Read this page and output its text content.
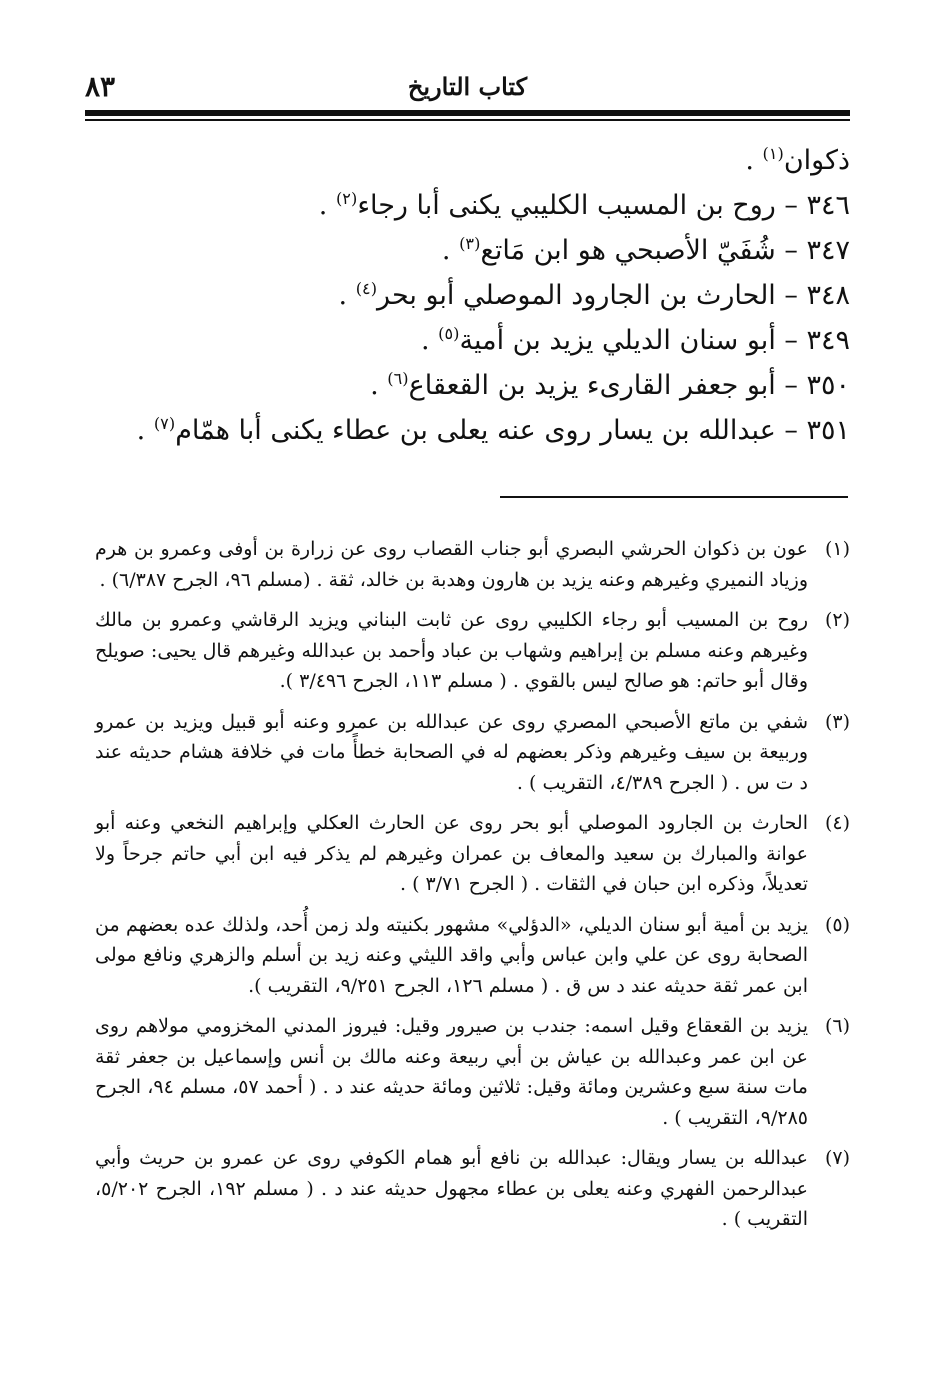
٨٣	كتاب التاريخ
ذكوان$^{(١)}$ .
٣٤٦ – روح بن المسيب الكليبي يكنى أبا رجاء$^{(٢)}$ .
٣٤٧ – شُفَيّ الأصبحي هو ابن مَاتع$^{(٣)}$ .
٣٤٨ – الحارث بن الجارود الموصلي أبو بحر$^{(٤)}$ .
٣٤٩ – أبو سنان الديلي يزيد بن أمية$^{(٥)}$ .
٣٥٠ – أبو جعفر القارىء يزيد بن القعقاع$^{(٦)}$ .
٣٥١ – عبدالله بن يسار روى عنه يعلى بن عطاء يكنى أبا همّام$^{(٧)}$ .
(١)
عون بن ذكوان الحرشي البصري أبو جناب القصاب روى عن زرارة بن أوفى وعمرو بن هرم وزياد النميري وغيرهم وعنه يزيد بن هارون وهدبة بن خالد، ثقة . (مسلم ٩٦، الجرح ٦/٣٨٧) .
(٢)
روح بن المسيب أبو رجاء الكليبي روى عن ثابت البناني ويزيد الرقاشي وعمرو بن مالك وغيرهم وعنه مسلم بن إبراهيم وشهاب بن عباد وأحمد بن عبدالله وغيرهم قال يحيى: صويلح وقال أبو حاتم: هو صالح ليس بالقوي . ( مسلم ١١٣، الجرح ٣/٤٩٦ ).
(٣)
شفي بن ماتع الأصبحي المصري روى عن عبدالله بن عمرو وعنه أبو قبيل ويزيد بن عمرو وربيعة بن سيف وغيرهم وذكر بعضهم له في الصحابة خطأً مات في خلافة هشام حديثه عند د ت س . ( الجرح ٤/٣٨٩، التقريب ) .
(٤)
الحارث بن الجارود الموصلي أبو بحر روى عن الحارث العكلي وإبراهيم النخعي وعنه أبو عوانة والمبارك بن سعيد والمعاف بن عمران وغيرهم لم يذكر فيه ابن أبي حاتم جرحاً ولا تعديلاً، وذكره ابن حبان في الثقات . ( الجرح ٣/٧١ ) .
(٥)
يزيد بن أمية أبو سنان الديلي، «الدؤلي» مشهور بكنيته ولد زمن أُحد، ولذلك عده بعضهم من الصحابة روى عن علي وابن عباس وأبي واقد الليثي وعنه زيد بن أسلم والزهري ونافع مولى ابن عمر ثقة حديثه عند د س ق . ( مسلم ١٢٦، الجرح ٩/٢٥١، التقريب ).
(٦)
يزيد بن القعقاع وقيل اسمه: جندب بن صيرور وقيل: فيروز المدني المخزومي مولاهم روى عن ابن عمر وعبدالله بن عياش بن أبي ربيعة وعنه مالك بن أنس وإسماعيل بن جعفر ثقة مات سنة سبع وعشرين ومائة وقيل: ثلاثين ومائة حديثه عند د . ( أحمد ٥٧، مسلم ٩٤، الجرح ٩/٢٨٥، التقريب ) .
(٧)
عبدالله بن يسار ويقال: عبدالله بن نافع أبو همام الكوفي روى عن عمرو بن حريث وأبي عبدالرحمن الفهري وعنه يعلى بن عطاء مجهول حديثه عند د . ( مسلم ١٩٢، الجرح ٥/٢٠٢، التقريب ) .
